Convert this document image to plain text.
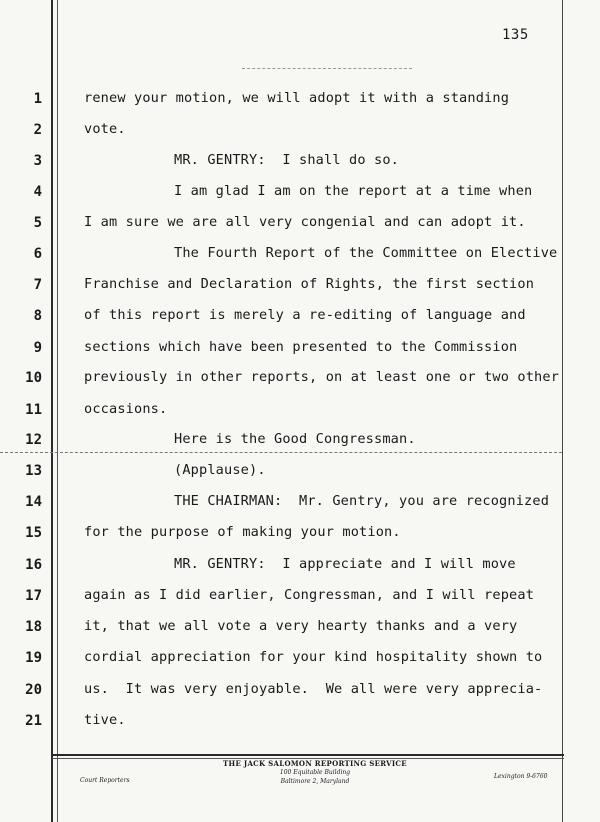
135
1	renew your motion, we will adopt it with a standing
2	vote.
3	MR. GENTRY:  I shall do so.
4	I am glad I am on the report at a time when
5	I am sure we are all very congenial and can adopt it.
6	The Fourth Report of the Committee on Elective
7	Franchise and Declaration of Rights, the first section
8	of this report is merely a re-editing of language and
9	sections which have been presented to the Commission
10	previously in other reports, on at least one or two other
11	occasions.
12	Here is the Good Congressman.
13	(Applause).
14	THE CHAIRMAN:  Mr. Gentry, you are recognized
15	for the purpose of making your motion.
16	MR. GENTRY:  I appreciate and I will move
17	again as I did earlier, Congressman, and I will repeat
18	it, that we all vote a very hearty thanks and a very
19	cordial appreciation for your kind hospitality shown to
20	us.  It was very enjoyable.  We all were very apprecia-
21	tive.
THE JACK SALOMON REPORTING SERVICE
100 Equitable Building
Baltimore 2, Maryland
Court Reporters
Lexington 9-6760
